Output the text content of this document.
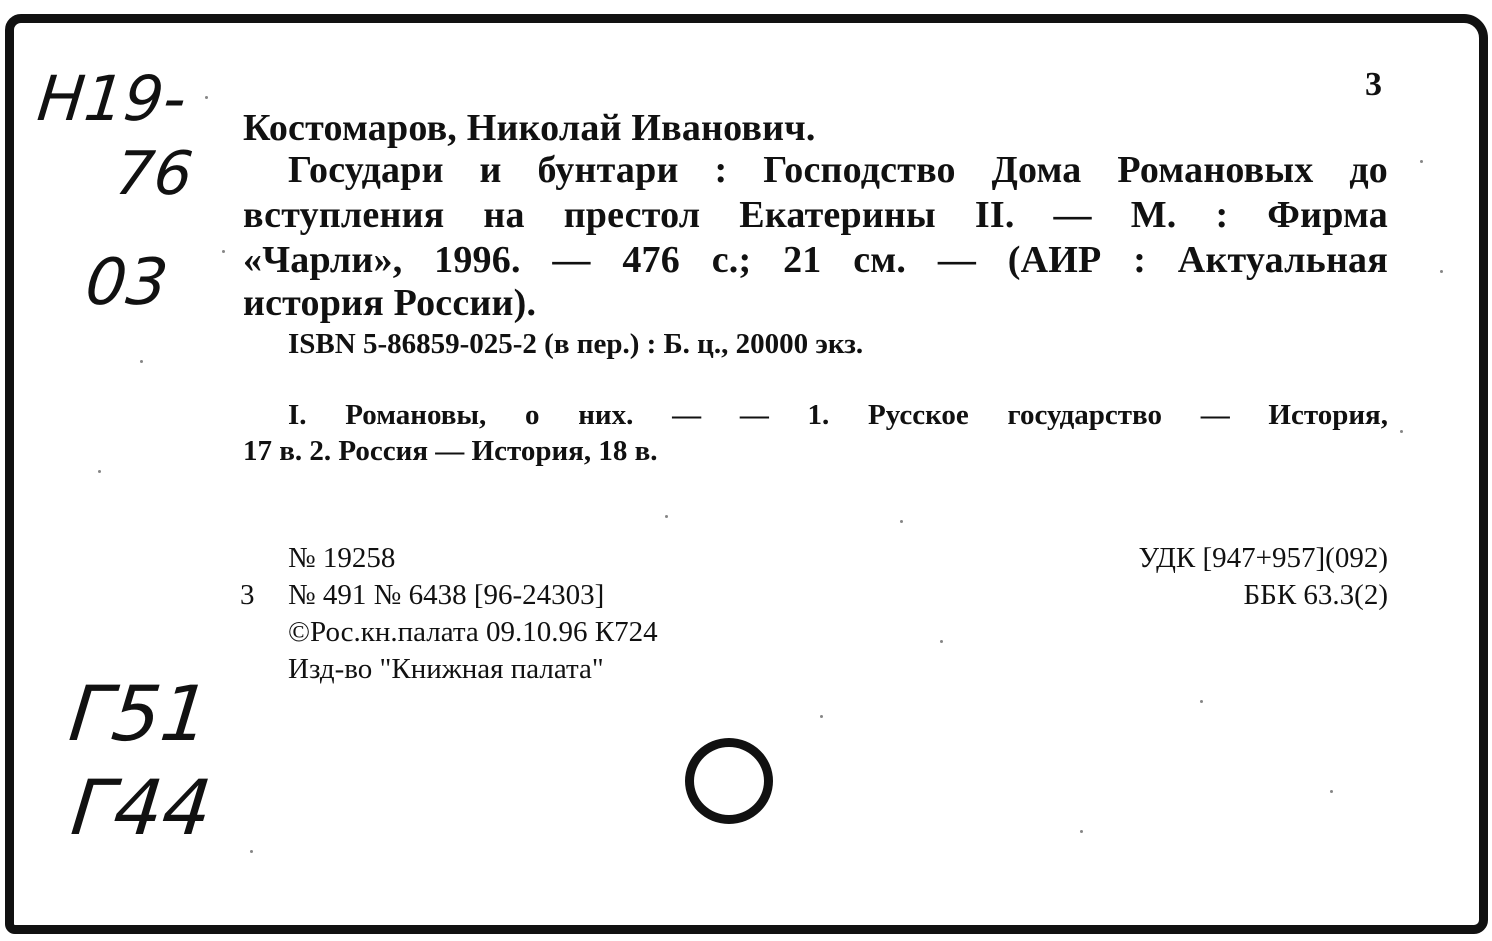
3
Н19-
76
03
Г51
Г44
Костомаров, Николай Иванович.
Государи и бунтари : Господство Дома Романовых до
вступления на престол Екатерины II. — М. : Фирма
«Чарли», 1996. — 476 с.; 21 см. — (АИР : Актуальная
история России).
ISBN 5-86859-025-2 (в пер.) : Б. ц., 20000 экз.
I. Романовы, о них. — — 1. Русское государство — История,
17 в. 2. Россия — История, 18 в.
№ 19258
3 № 491 № 6438 [96-24303]
©Рос.кн.палата 09.10.96 К724
Изд-во "Книжная палата"
УДК [947+957](092)
ББК 63.3(2)
